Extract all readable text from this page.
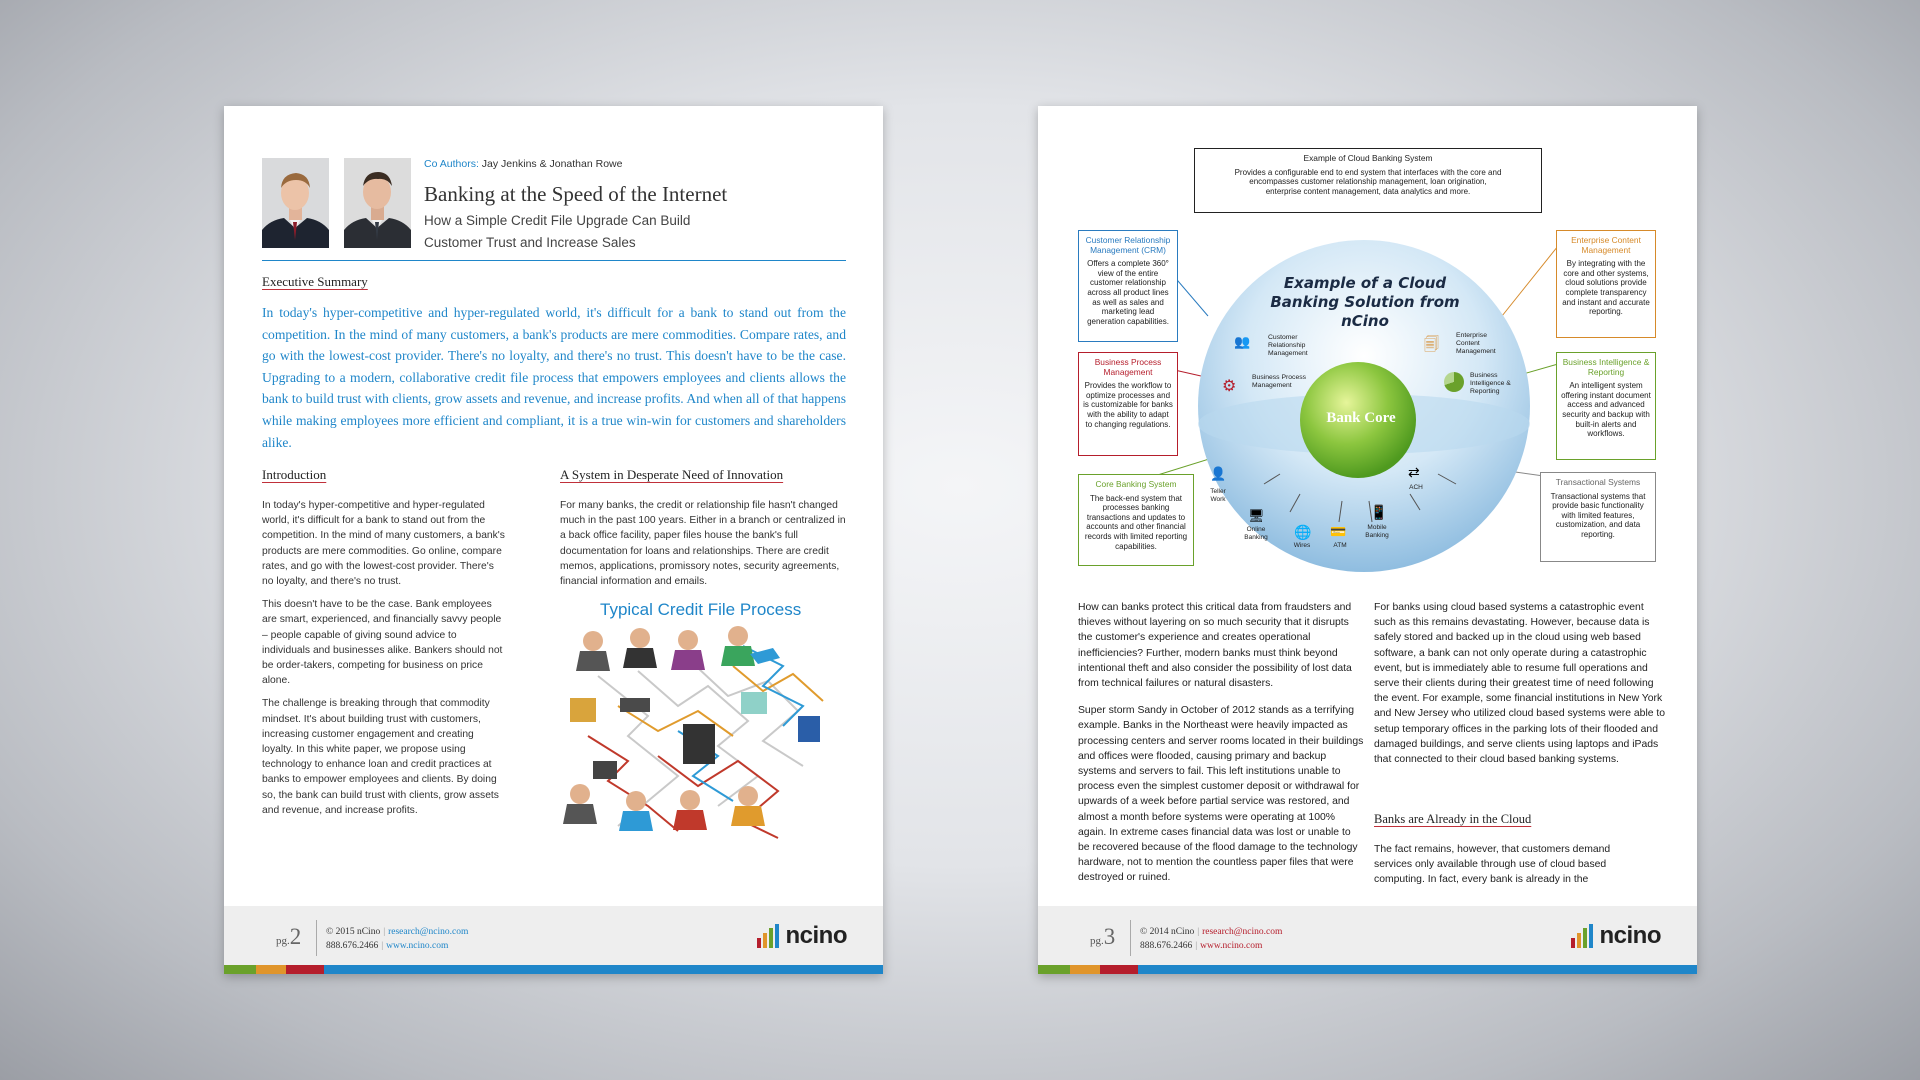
Co Authors: Jay Jenkins & Jonathan Rowe
Banking at the Speed of the Internet
How a Simple Credit File Upgrade Can Build Customer Trust and Increase Sales
Executive Summary
In today's hyper-competitive and hyper-regulated world, it's difficult for a bank to stand out from the competition. In the mind of many customers, a bank's products are mere commodities. Compare rates, and go with the lowest-cost provider. There's no loyalty, and there's no trust. This doesn't have to be the case. Upgrading to a modern, collaborative credit file process that empowers employees and clients allows the bank to build trust with clients, grow assets and revenue, and increase profits. And when all of that happens while making employees more efficient and compliant, it is a true win-win for customers and shareholders alike.
Introduction

In today's hyper-competitive and hyper-regulated world, it's difficult for a bank to stand out from the competition. In the mind of many customers, a bank's products are mere commodities. Go online, compare rates, and go with the lowest-cost provider. There's no loyalty, and there's no trust.

This doesn't have to be the case. Bank employees are smart, experienced, and financially savvy people – people capable of giving sound advice to individuals and businesses alike. Bankers should not be order-takers, competing for business on price alone.

The challenge is breaking through that commodity mindset. It's about building trust with customers, increasing customer engagement and creating loyalty. In this white paper, we propose using technology to enhance loan and credit practices at banks to empower employees and clients. By doing so, the bank can build trust with clients, grow assets and revenue, and increase profits.

A System in Desperate Need of Innovation
For many banks, the credit or relationship file hasn't changed much in the past 100 years. Either in a branch or centralized in a back office facility, paper files house the bank's full documentation for loans and relationships. There are credit memos, applications, promissory notes, security agreements, financial information and emails.
Typical Credit File Process
pg.2	© 2015 nCino | research@ncino.com
888.676.2466 | www.ncino.com	ncino
Example of a Cloud Banking Solution from nCino
Bank Core
👥	Customer Relationship Management
⚙
Business Process Management
🗐
Enterprise Content Management
Business Intelligence & Reporting
👤
Teller Work
🖥
Online Banking	🌐
Wires
💳
ATM
📱
Mobile Banking
⇄
ACH
Example of Cloud Banking System
Provides a configurable end to end system that interfaces with the core and encompasses customer relationship management, loan origination, enterprise content management, data analytics and more.
Customer Relationship Management (CRM)
Offers a complete 360° view of the entire customer relationship across all product lines as well as sales and marketing lead generation capabilities.
Business Process Management
Provides the workflow to optimize processes and is customizable for banks with the ability to adapt to changing regulations.
Core Banking System
The back-end system that processes banking transactions and updates to accounts and other financial records with limited reporting capabilities.
Enterprise Content Management
By integrating with the core and other systems, cloud solutions provide complete transparency and instant and accurate reporting.
Business Intelligence & Reporting
An intelligent system offering instant document access and advanced security and backup with built-in alerts and workflows.
Transactional Systems
Transactional systems that provide basic functionality with limited features, customization, and data reporting.

How can banks protect this critical data from fraudsters and thieves without layering on so much security that it disrupts the customer's experience and creates operational inefficiencies? Further, modern banks must think beyond intentional theft and also consider the possibility of lost data from technical failures or natural disasters.

Super storm Sandy in October of 2012 stands as a terrifying example. Banks in the Northeast were heavily impacted as processing centers and server rooms located in their buildings and offices were flooded, causing primary and backup systems and servers to fail. This left institutions unable to process even the simplest customer deposit or withdrawal for upwards of a week before partial service was restored, and almost a month before systems were operating at 100% again. In extreme cases financial data was lost or unable to be recovered because of the flood damage to the technology hardware, not to mention the countless paper files that were destroyed or ruined.

For banks using cloud based systems a catastrophic event such as this remains devastating. However, because data is safely stored and backed up in the cloud using web based software, a bank can not only operate during a catastrophic event, but is immediately able to resume full operations and serve their clients during their greatest time of need following the event. For example, some financial institutions in New York and New Jersey who utilized cloud based systems were able to setup temporary offices in the parking lots of their flooded and damaged buildings, and serve clients using laptops and iPads that connected to their cloud based banking systems.

Banks are Already in the Cloud
The fact remains, however, that customers demand services only available through use of cloud based computing. In fact, every bank is already in the
pg.3	© 2014 nCino | research@ncino.com
888.676.2466 | www.ncino.com	ncino
